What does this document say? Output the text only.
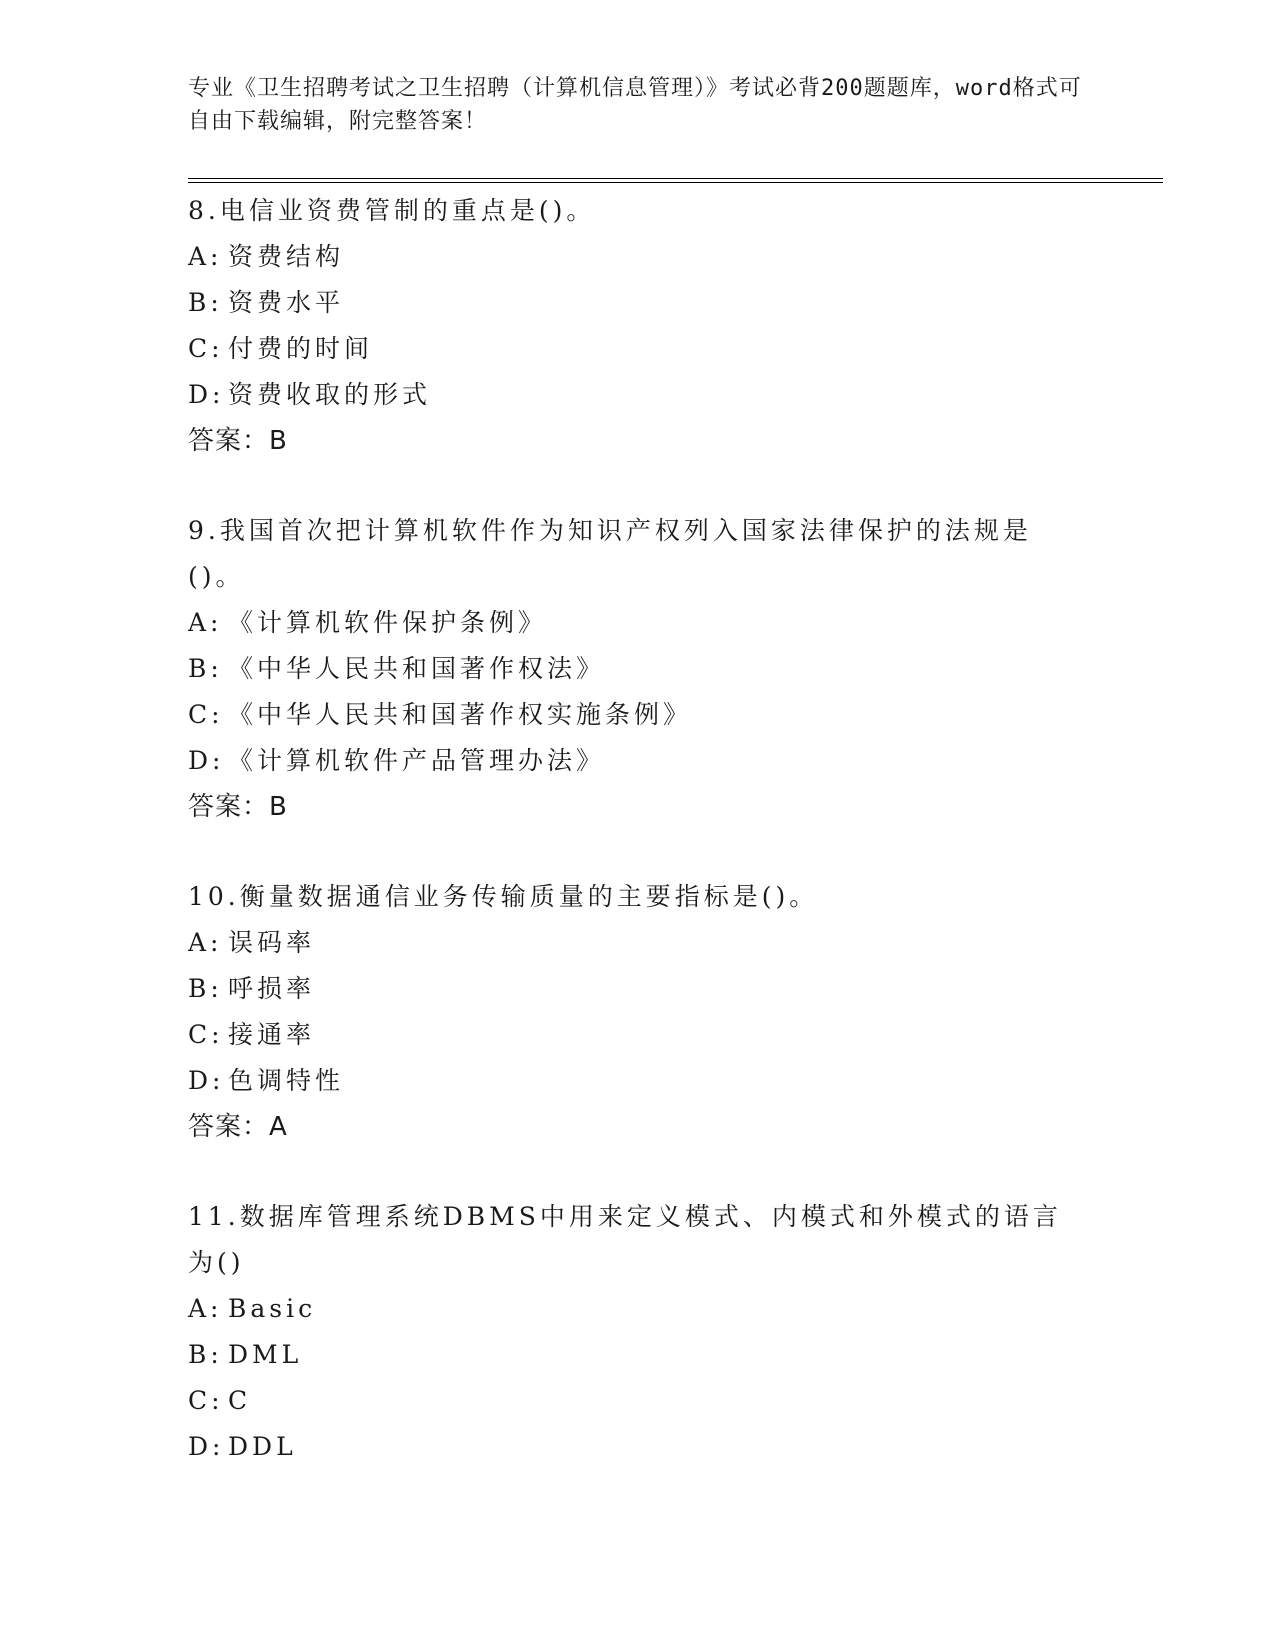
专业《卫生招聘考试之卫生招聘（计算机信息管理）》考试必背200题题库，word格式可自由下载编辑，附完整答案！

8.电信业资费管制的重点是()。

A: 资费结构

B: 资费水平

C: 付费的时间

D: 资费收取的形式

答案：B

9.我国首次把计算机软件作为知识产权列入国家法律保护的法规是()。

A: 《计算机软件保护条例》

B: 《中华人民共和国著作权法》

C: 《中华人民共和国著作权实施条例》

D: 《计算机软件产品管理办法》

答案：B

10.衡量数据通信业务传输质量的主要指标是()。

A: 误码率

B: 呼损率

C: 接通率

D: 色调特性

答案：A

11.数据库管理系统DBMS中用来定义模式、内模式和外模式的语言为()

A: Basic

B: DML

C: C

D: DDL
